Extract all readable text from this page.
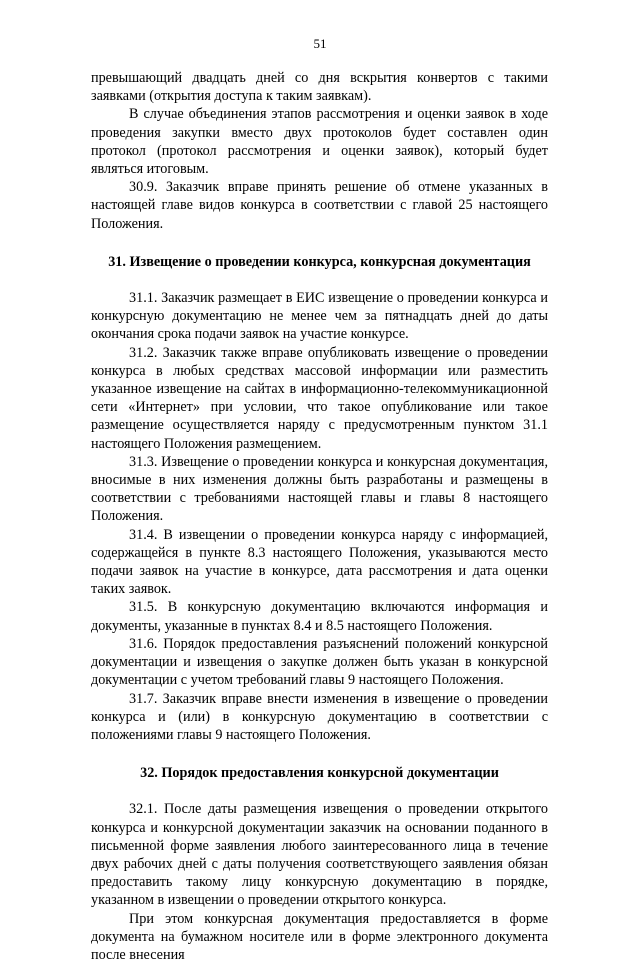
51

превышающий двадцать дней со дня вскрытия конвертов с такими заявками (открытия доступа к таким заявкам).

В случае объединения этапов рассмотрения и оценки заявок в ходе проведения закупки вместо двух протоколов будет составлен один протокол (протокол рассмотрения и оценки заявок), который будет являться итоговым.

30.9. Заказчик вправе принять решение об отмене указанных в настоящей главе видов конкурса в соответствии с главой 25 настоящего Положения.

31. Извещение о проведении конкурса, конкурсная документация

31.1. Заказчик размещает в ЕИС извещение о проведении конкурса и конкурсную документацию не менее чем за пятнадцать дней до даты окончания срока подачи заявок на участие конкурсе.

31.2. Заказчик также вправе опубликовать извещение о проведении конкурса в любых средствах массовой информации или разместить указанное извещение на сайтах в информационно-телекоммуникационной сети «Интернет» при условии, что такое опубликование или такое размещение осуществляется наряду с предусмотренным пунктом 31.1 настоящего Положения размещением.

31.3. Извещение о проведении конкурса и конкурсная документация, вносимые в них изменения должны быть разработаны и размещены в соответствии с требованиями настоящей главы и главы 8 настоящего Положения.

31.4. В извещении о проведении конкурса наряду с информацией, содержащейся в пункте 8.3 настоящего Положения, указываются место подачи заявок на участие в конкурсе, дата рассмотрения и дата оценки таких заявок.

31.5. В конкурсную документацию включаются информация и документы, указанные в пунктах 8.4 и 8.5 настоящего Положения.

31.6. Порядок предоставления разъяснений положений конкурсной документации и извещения о закупке должен быть указан в конкурсной документации с учетом требований главы 9 настоящего Положения.

31.7. Заказчик вправе внести изменения в извещение о проведении конкурса и (или) в конкурсную документацию в соответствии с положениями главы 9 настоящего Положения.

32. Порядок предоставления конкурсной документации

32.1. После даты размещения извещения о проведении открытого конкурса и конкурсной документации заказчик на основании поданного в письменной форме заявления любого заинтересованного лица в течение двух рабочих дней с даты получения соответствующего заявления обязан предоставить такому лицу конкурсную документацию в порядке, указанном в извещении о проведении открытого конкурса.

При этом конкурсная документация предоставляется в форме документа на бумажном носителе или в форме электронного документа после внесения
